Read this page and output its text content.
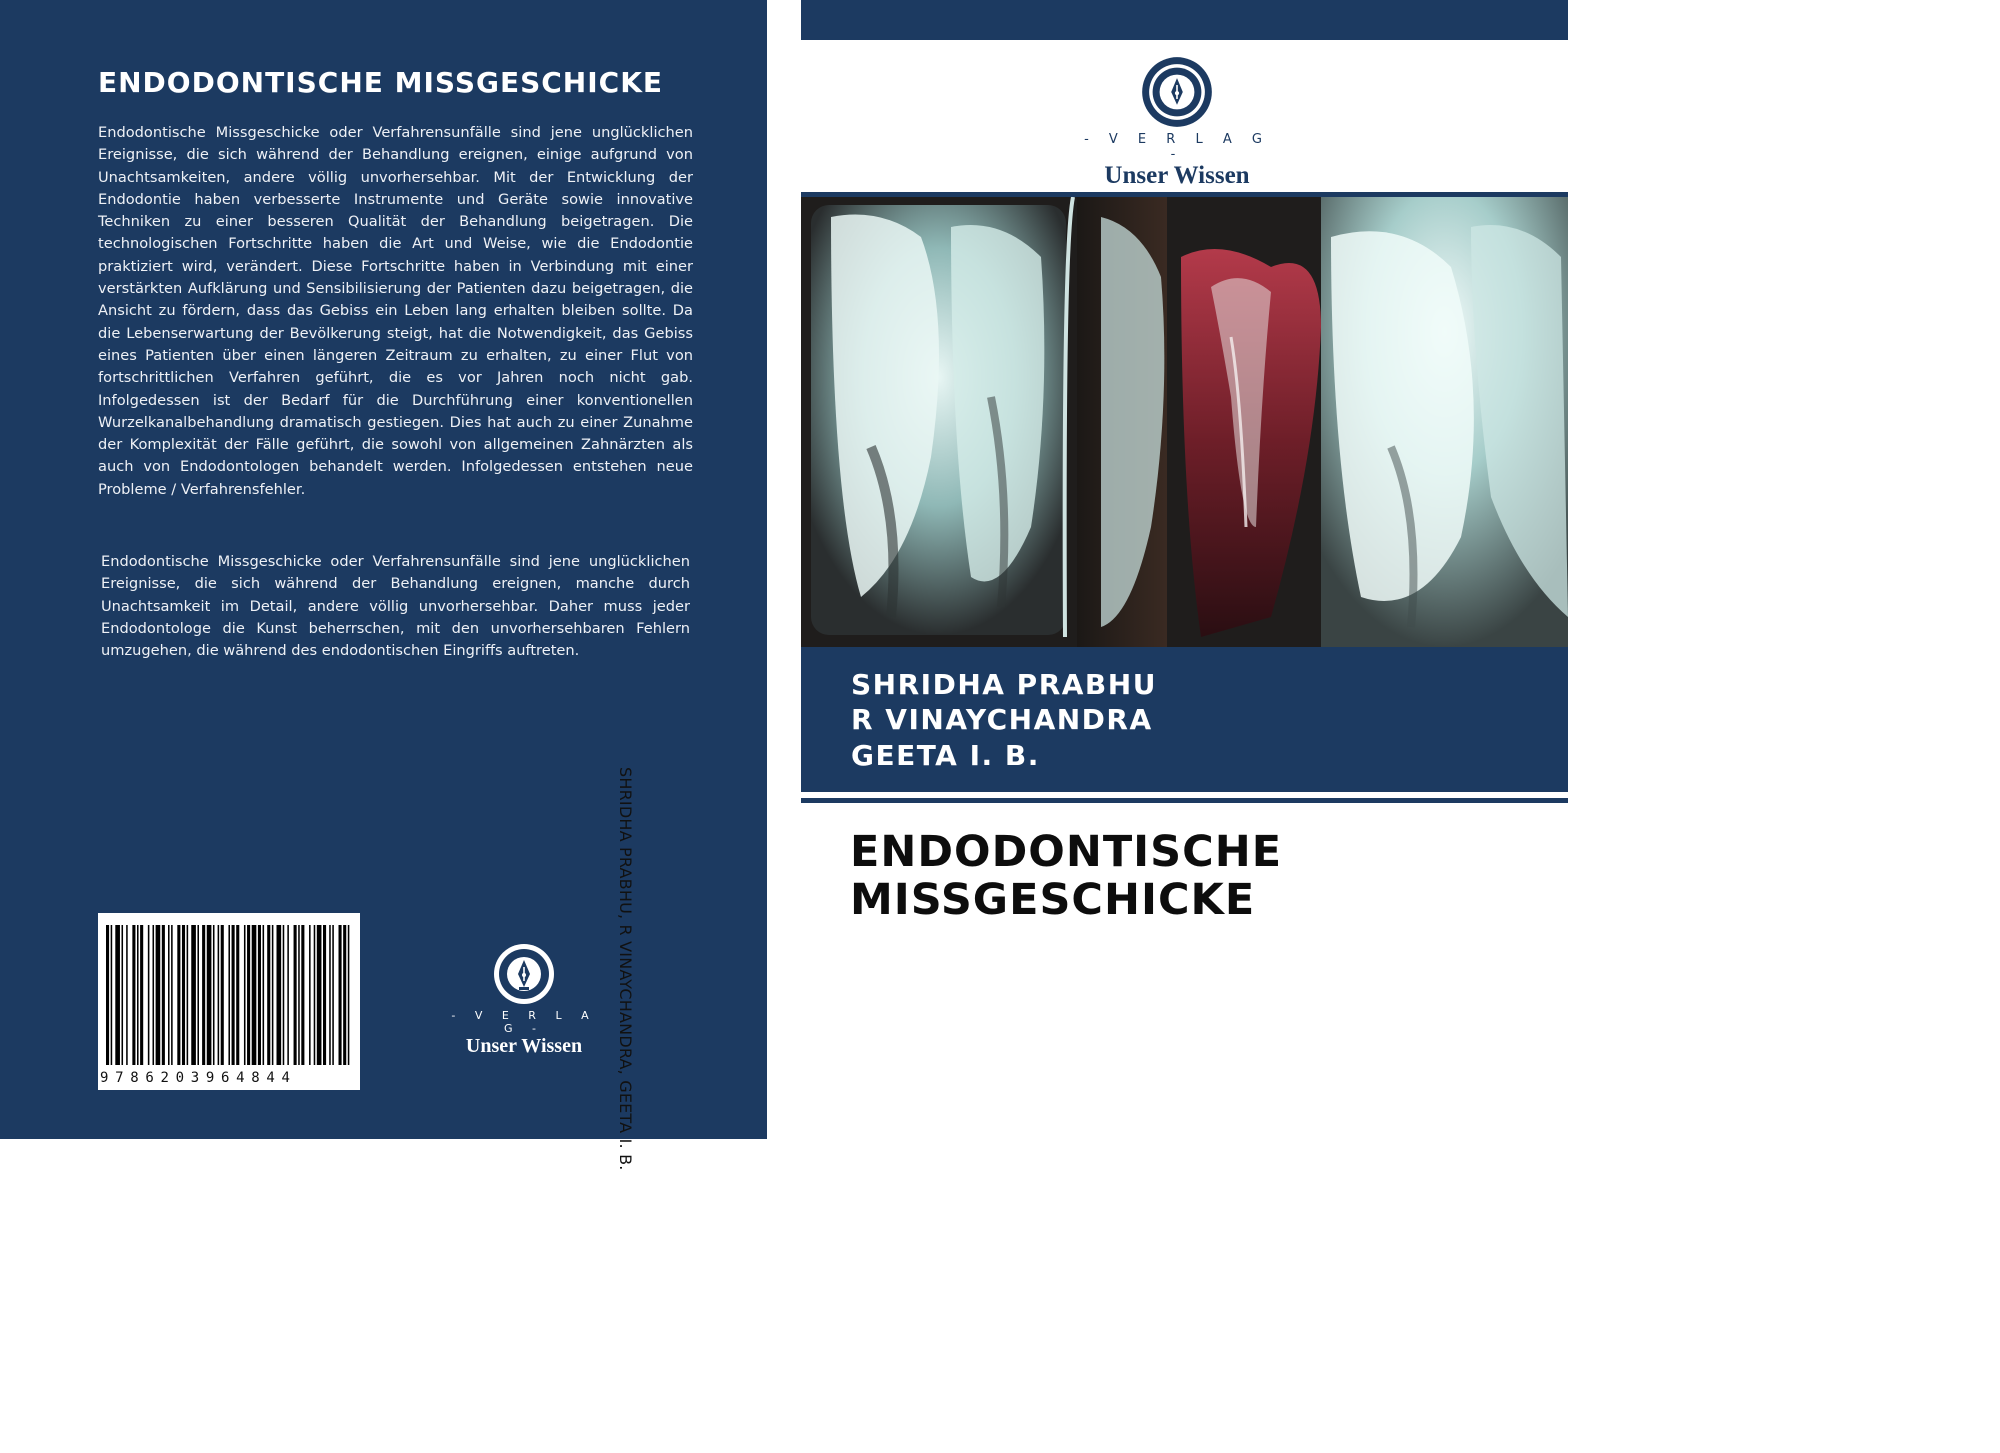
ENDODONTISCHE MISSGESCHICKE
Endodontische Missgeschicke oder Verfahrensunfälle sind jene unglücklichen Ereignisse, die sich während der Behandlung ereignen, einige aufgrund von Unachtsamkeiten, andere völlig unvorhersehbar. Mit der Entwicklung der Endodontie haben verbesserte Instrumente und Geräte sowie innovative Techniken zu einer besseren Qualität der Behandlung beigetragen. Die technologischen Fortschritte haben die Art und Weise, wie die Endodontie praktiziert wird, verändert. Diese Fortschritte haben in Verbindung mit einer verstärkten Aufklärung und Sensibilisierung der Patienten dazu beigetragen, die Ansicht zu fördern, dass das Gebiss ein Leben lang erhalten bleiben sollte. Da die Lebenserwartung der Bevölkerung steigt, hat die Notwendigkeit, das Gebiss eines Patienten über einen längeren Zeitraum zu erhalten, zu einer Flut von fortschrittlichen Verfahren geführt, die es vor Jahren noch nicht gab. Infolgedessen ist der Bedarf für die Durchführung einer konventionellen Wurzelkanalbehandlung dramatisch gestiegen. Dies hat auch zu einer Zunahme der Komplexität der Fälle geführt, die sowohl von allgemeinen Zahnärzten als auch von Endodontologen behandelt werden. Infolgedessen entstehen neue Probleme / Verfahrensfehler.
Endodontische Missgeschicke oder Verfahrensunfälle sind jene unglücklichen Ereignisse, die sich während der Behandlung ereignen, manche durch Unachtsamkeit im Detail, andere völlig unvorhersehbar. Daher muss jeder Endodontologe die Kunst beherrschen, mit den unvorhersehbaren Fehlern umzugehen, die während des endodontischen Eingriffs auftreten.
9786203964844
- V E R L A G -
Unser Wissen	SHRIDHA PRABHU, R VINAYCHANDRA, GEETA I. B.
- V E R L A G -
Unser Wissen
SHRIDHA PRABHU
R VINAYCHANDRA
GEETA I. B.
ENDODONTISCHE
MISSGESCHICKE
